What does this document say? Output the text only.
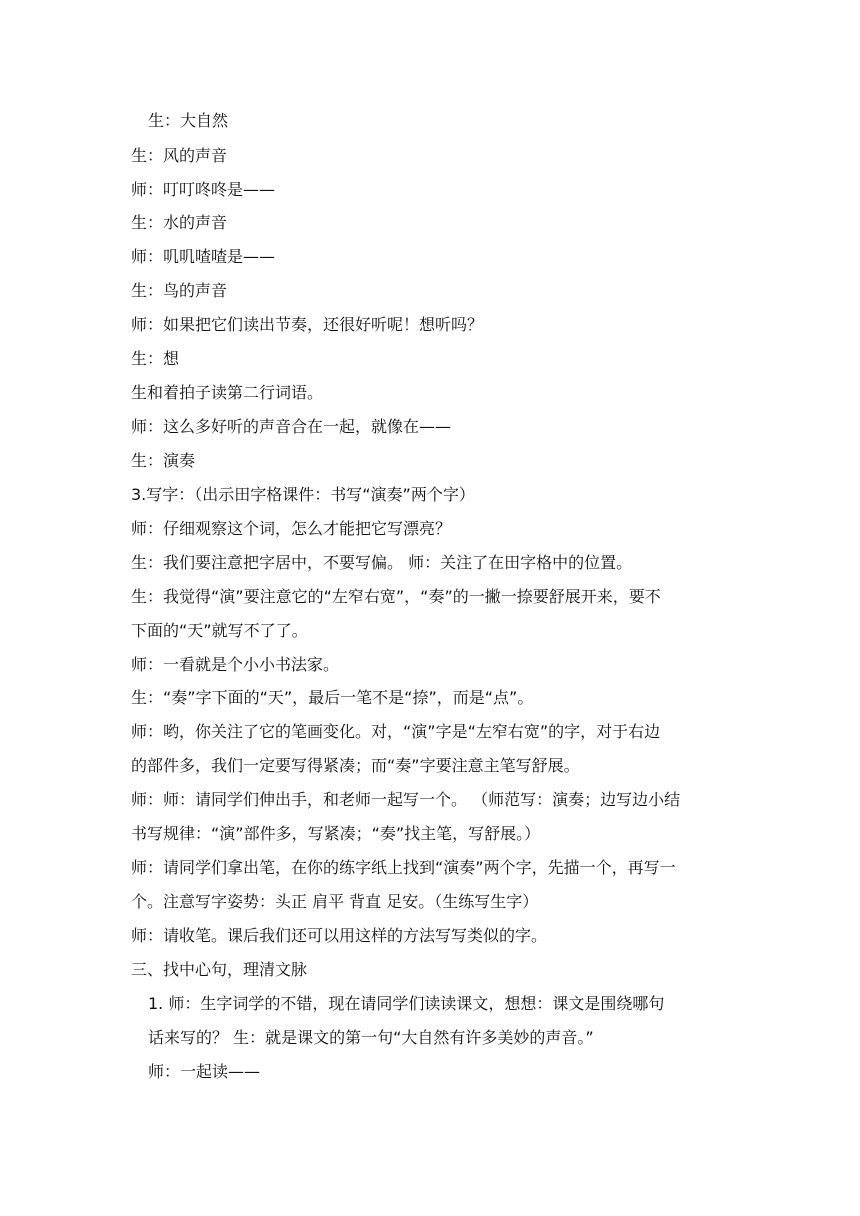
生：大自然
生：风的声音
师：叮叮咚咚是——
生：水的声音
师：叽叽喳喳是——
生：鸟的声音
师：如果把它们读出节奏，还很好听呢！想听吗？
生：想
生和着拍子读第二行词语。
师：这么多好听的声音合在一起，就像在——
生：演奏
3.写字：（出示田字格课件：书写“演奏”两个字）
师：仔细观察这个词，怎么才能把它写漂亮？
生：我们要注意把字居中，不要写偏。 师：关注了在田字格中的位置。
生：我觉得“演”要注意它的“左窄右宽”，“奏”的一撇一捺要舒展开来，要不
下面的“天”就写不了了。
师：一看就是个小小书法家。
生：“奏”字下面的“天”，最后一笔不是“捺”，而是“点”。
师：哟，你关注了它的笔画变化。对，“演”字是“左窄右宽”的字，对于右边
的部件多，我们一定要写得紧凑；而“奏”字要注意主笔写舒展。
师：师：请同学们伸出手，和老师一起写一个。 （师范写：演奏；边写边小结
书写规律：“演”部件多，写紧凑；“奏”找主笔，写舒展。）
师：请同学们拿出笔，在你的练字纸上找到“演奏”两个字，先描一个，再写一
个。注意写字姿势：头正 肩平 背直 足安。（生练写生字）
师：请收笔。课后我们还可以用这样的方法写写类似的字。
三、找中心句，理清文脉
1. 师：生字词学的不错，现在请同学们读读课文，想想：课文是围绕哪句
话来写的？ 生：就是课文的第一句“大自然有许多美妙的声音。”
师：一起读——
